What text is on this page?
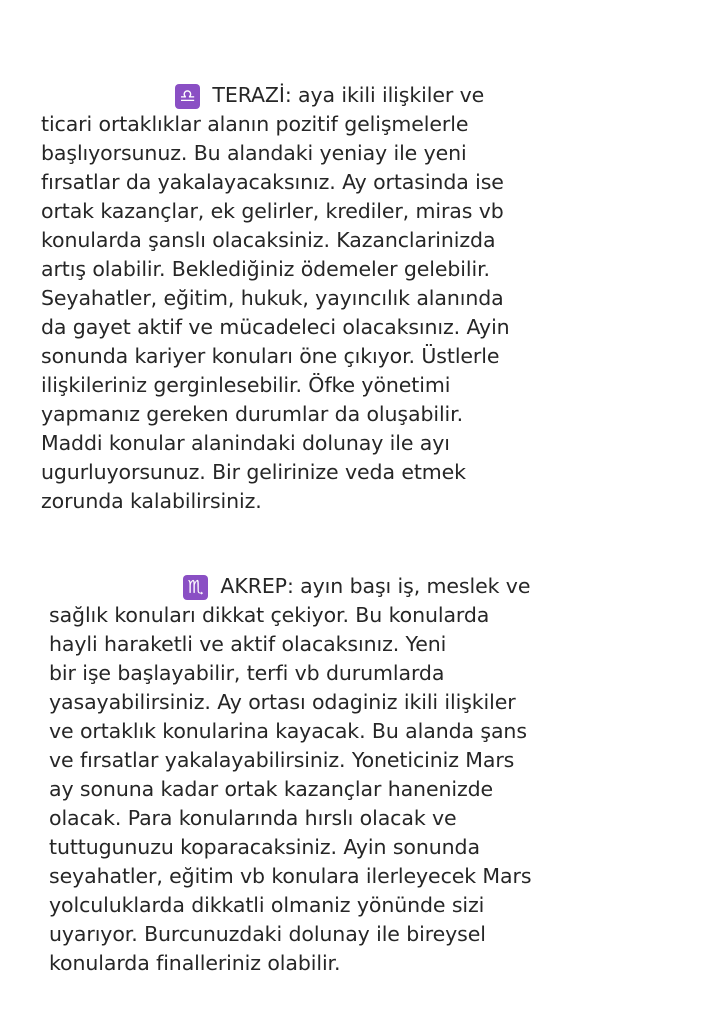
♎ TERAZİ: aya ikili ilişkiler ve
ticari ortaklıklar alanın pozitif gelişmelerle
başlıyorsunuz. Bu alandaki yeniay ile yeni
fırsatlar da yakalayacaksınız. Ay ortasinda ise
ortak kazançlar, ek gelirler, krediler, miras vb
konularda şanslı olacaksiniz. Kazanclarinizda
artış olabilir. Beklediğiniz ödemeler gelebilir.
Seyahatler, eğitim, hukuk, yayıncılık alanında
da gayet aktif ve mücadeleci olacaksınız. Ayin
sonunda kariyer konuları öne çıkıyor. Üstlerle
ilişkileriniz gerginlesebilir. Öfke yönetimi
yapmanız gereken durumlar da oluşabilir.
Maddi konular alanindaki dolunay ile ayı
ugurluyorsunuz. Bir gelirinize veda etmek
zorunda kalabilirsiniz.
♏ AKREP: ayın başı iş, meslek ve
sağlık konuları dikkat çekiyor. Bu konularda
hayli haraketli ve aktif olacaksınız. Yeni
bir işe başlayabilir, terfi vb durumlarda
yasayabilirsiniz. Ay ortası odaginiz ikili ilişkiler
ve ortaklık konularina kayacak. Bu alanda şans
ve fırsatlar yakalayabilirsiniz. Yoneticiniz Mars
ay sonuna kadar ortak kazançlar hanenizde
olacak. Para konularında hırslı olacak ve
tuttugunuzu koparacaksiniz. Ayin sonunda
seyahatler, eğitim vb konulara ilerleyecek Mars
yolculuklarda dikkatli olmaniz yönünde sizi
uyarıyor. Burcunuzdaki dolunay ile bireysel
konularda finalleriniz olabilir.
